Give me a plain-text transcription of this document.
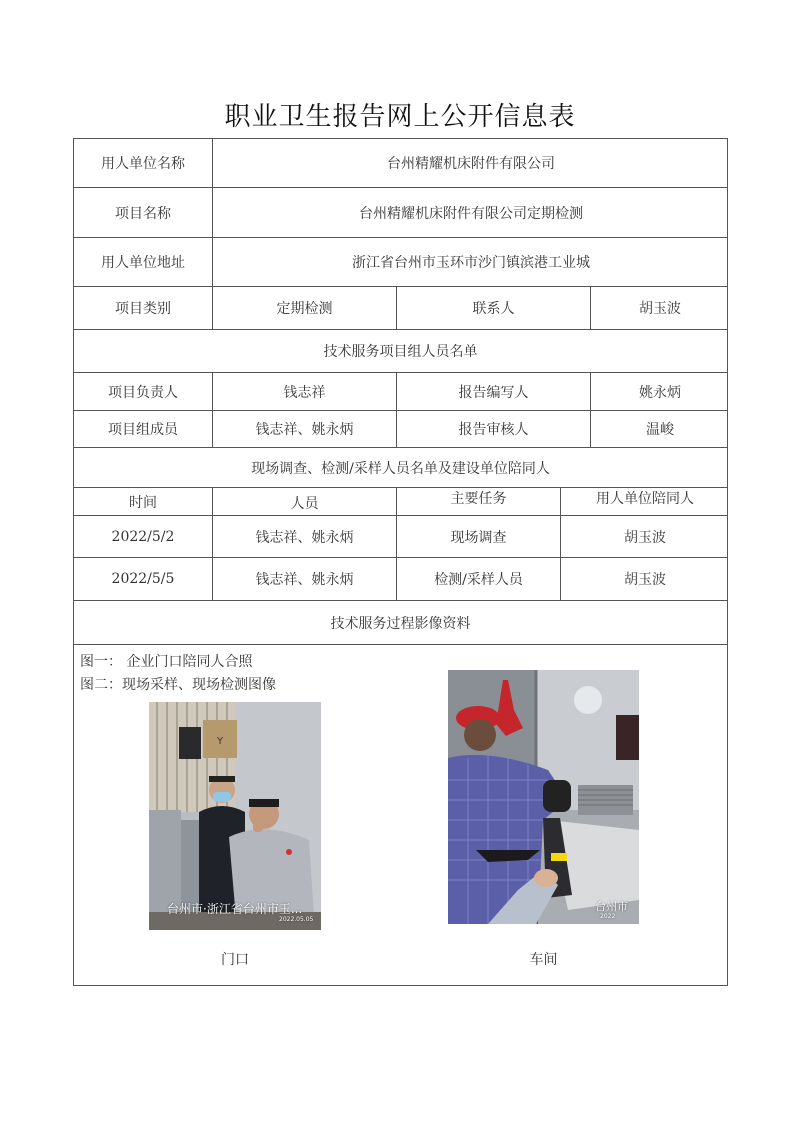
职业卫生报告网上公开信息表
用人单位名称	台州精耀机床附件有限公司
项目名称	台州精耀机床附件有限公司定期检测
用人单位地址	浙江省台州市玉环市沙门镇滨港工业城
项目类别	定期检测	联系人	胡玉波
技术服务项目组人员名单
项目负责人	钱志祥	报告编写人	姚永炳
项目组成员	钱志祥、姚永炳	报告审核人	温峻
现场调查、检测/采样人员名单及建设单位陪同人
时间	人员	主要任务	用人单位陪同人
2022/5/2	钱志祥、姚永炳	现场调查	胡玉波
2022/5/5	钱志祥、姚永炳	检测/采样人员	胡玉波
技术服务过程影像资料
图一： 企业门口陪同人合照
图二：现场采样、现场检测图像
Y
台州市·浙江省台州市玉...
2022.05.05
门口
台州市
2022
车间
